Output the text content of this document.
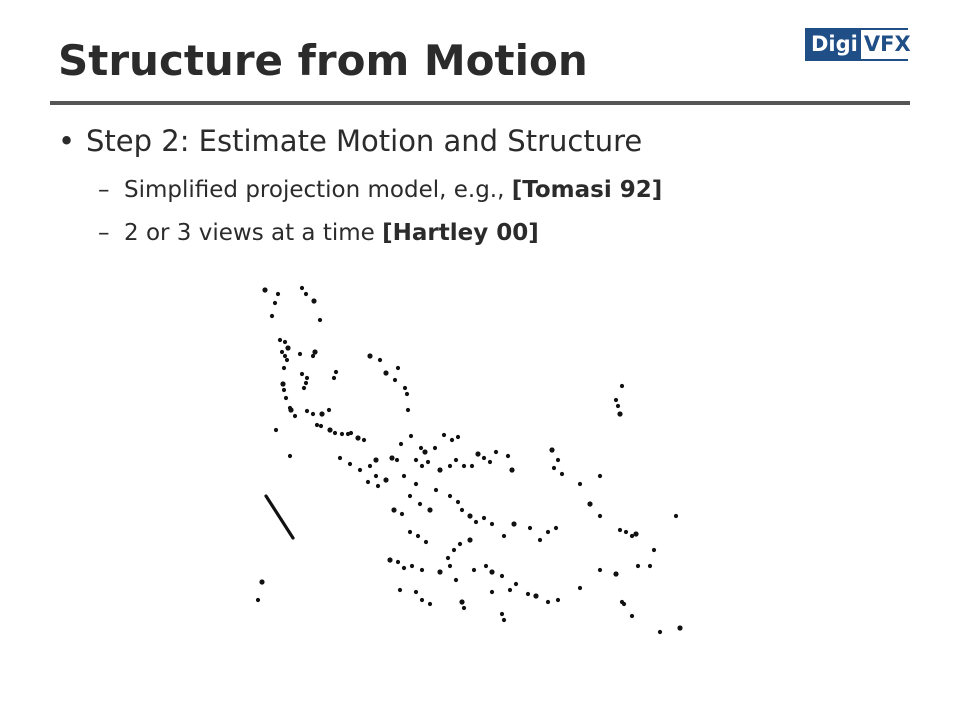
Structure from Motion	Digi VFX
• Step 2: Estimate Motion and Structure
– Simplified projection model, e.g., [Tomasi 92]
– 2 or 3 views at a time [Hartley 00]
